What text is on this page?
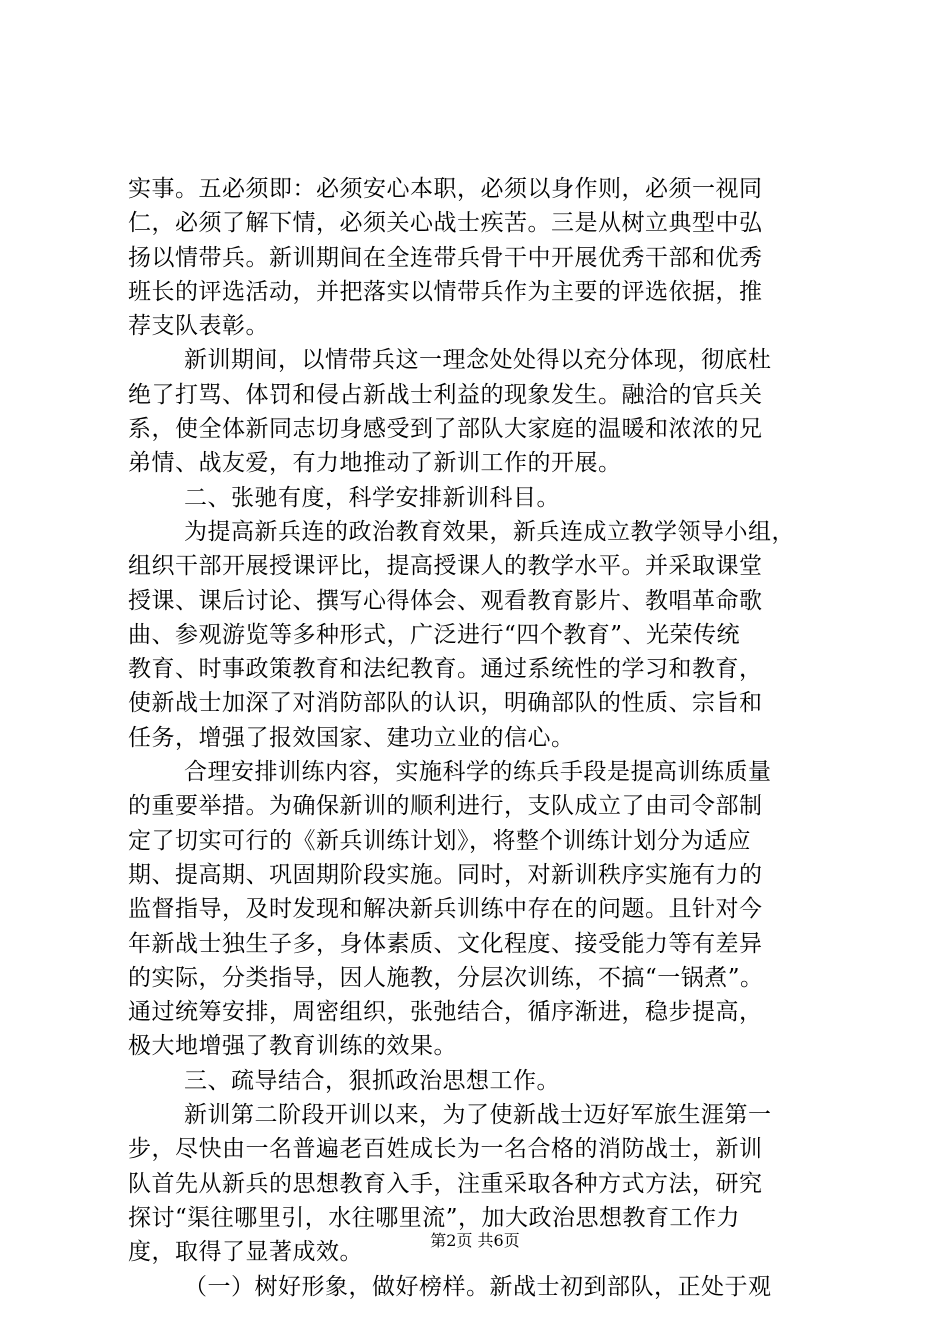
实事。五必须即：必须安心本职，必须以身作则，必须一视同
仁，必须了解下情，必须关心战士疾苦。三是从树立典型中弘
扬以情带兵。新训期间在全连带兵骨干中开展优秀干部和优秀
班长的评选活动，并把落实以情带兵作为主要的评选依据，推
荐支队表彰。
新训期间，以情带兵这一理念处处得以充分体现，彻底杜
绝了打骂、体罚和侵占新战士利益的现象发生。融洽的官兵关
系，使全体新同志切身感受到了部队大家庭的温暖和浓浓的兄
弟情、战友爱，有力地推动了新训工作的开展。
二、张驰有度，科学安排新训科目。
为提高新兵连的政治教育效果，新兵连成立教学领导小组，
组织干部开展授课评比，提高授课人的教学水平。并采取课堂
授课、课后讨论、撰写心得体会、观看教育影片、教唱革命歌
曲、参观游览等多种形式，广泛进行“四个教育”、光荣传统
教育、时事政策教育和法纪教育。通过系统性的学习和教育，
使新战士加深了对消防部队的认识，明确部队的性质、宗旨和
任务，增强了报效国家、建功立业的信心。
合理安排训练内容，实施科学的练兵手段是提高训练质量
的重要举措。为确保新训的顺利进行，支队成立了由司令部制
定了切实可行的《新兵训练计划》，将整个训练计划分为适应
期、提高期、巩固期阶段实施。同时，对新训秩序实施有力的
监督指导，及时发现和解决新兵训练中存在的问题。且针对今
年新战士独生子多，身体素质、文化程度、接受能力等有差异
的实际，分类指导，因人施教，分层次训练，不搞“一锅煮”。
通过统筹安排，周密组织，张弛结合，循序渐进，稳步提高，
极大地增强了教育训练的效果。
三、疏导结合，狠抓政治思想工作。
新训第二阶段开训以来，为了使新战士迈好军旅生涯第一
步，尽快由一名普遍老百姓成长为一名合格的消防战士，新训
队首先从新兵的思想教育入手，注重采取各种方式方法，研究
探讨“渠往哪里引，水往哪里流”，加大政治思想教育工作力
度，取得了显著成效。
（一）树好形象，做好榜样。新战士初到部队，正处于观
第2页 共6页
